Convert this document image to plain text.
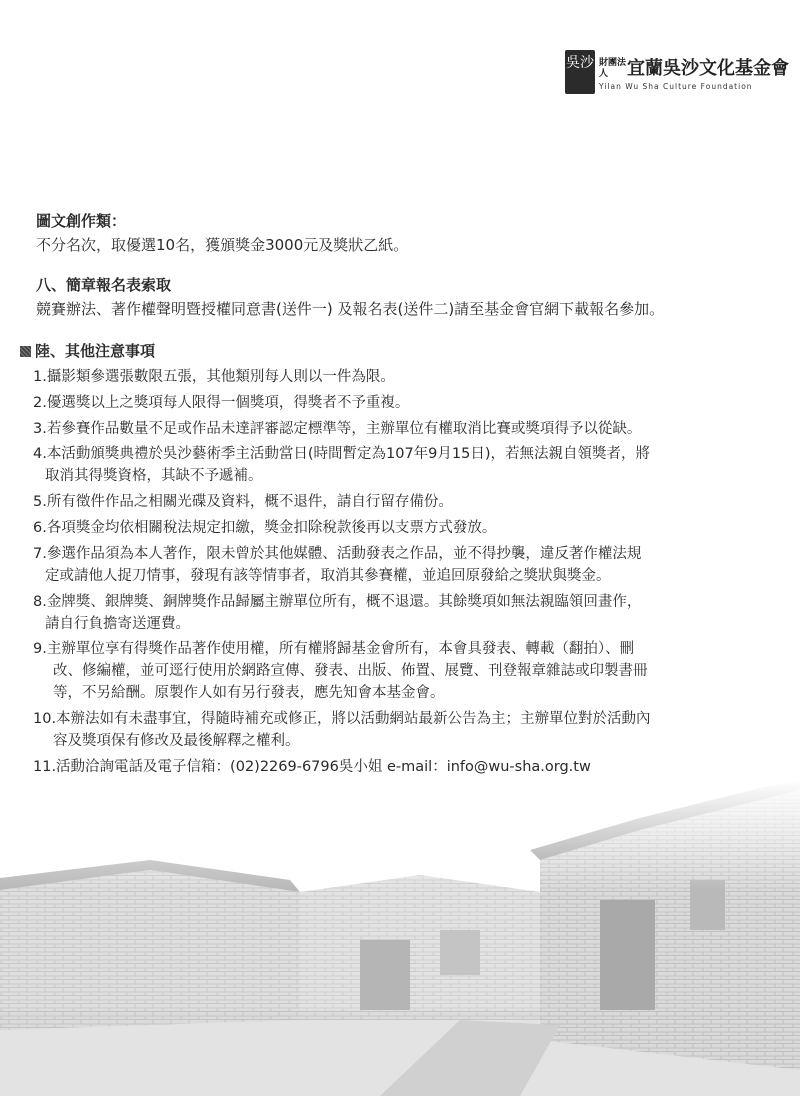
吳沙 財團法人	宜蘭吳沙文化基金會
Yilan Wu Sha Culture Foundation
圖文創作類：
不分名次，取優選10名，獲頒獎金3000元及獎狀乙紙。
八、簡章報名表索取
競賽辦法、著作權聲明暨授權同意書(送件一) 及報名表(送件二)請至基金會官網下載報名參加。
陸、其他注意事項
1.攝影類參選張數限五張，其他類別每人則以一件為限。
2.優選獎以上之獎項每人限得一個獎項，得獎者不予重複。
3.若參賽作品數量不足或作品未達評審認定標準等，主辦單位有權取消比賽或獎項得予以從缺。
4.本活動頒獎典禮於吳沙藝術季主活動當日(時間暫定為107年9月15日)，若無法親自領獎者，將
取消其得獎資格，其缺不予遞補。
5.所有徵件作品之相關光碟及資料，概不退件，請自行留存備份。
6.各項獎金均依相關稅法規定扣繳，獎金扣除稅款後再以支票方式發放。
7.參選作品須為本人著作，限未曾於其他媒體、活動發表之作品，並不得抄襲，違反著作權法規
定或請他人捉刀情事，發現有該等情事者，取消其參賽權，並追回原發給之獎狀與獎金。
8.金牌獎、銀牌獎、銅牌獎作品歸屬主辦單位所有，概不退還。其餘獎項如無法親臨領回畫作，
請自行負擔寄送運費。
9.主辦單位享有得獎作品著作使用權，所有權將歸基金會所有，本會具發表、轉載（翻拍）、刪
改、修編權，並可逕行使用於網路宣傳、發表、出版、佈置、展覽、刊登報章雜誌或印製書冊
等，不另給酬。原製作人如有另行發表，應先知會本基金會。
10.本辦法如有未盡事宜，得隨時補充或修正，將以活動網站最新公告為主；主辦單位對於活動內
容及獎項保有修改及最後解釋之權利。
11.活動洽詢電話及電子信箱：(02)2269-6796吳小姐 e-mail：info@wu-sha.org.tw
